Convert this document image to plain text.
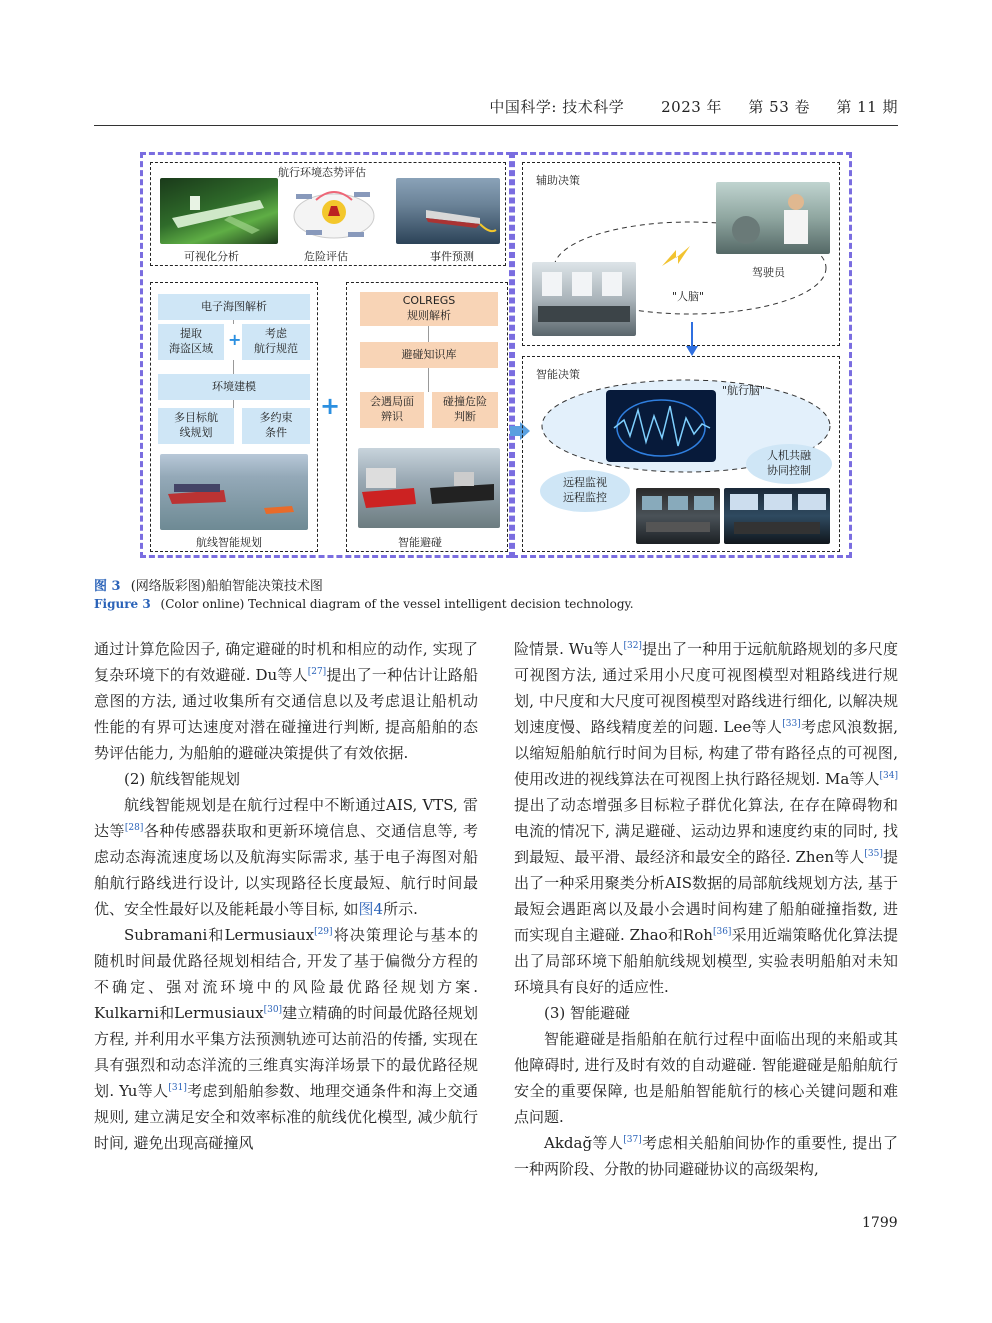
中国科学: 技术科学 2023 年 第 53 卷 第 11 期
航行环境态势评估
可视化分析	危险评估	事件预测
电子海图解析
提取
海盗区域 +	考虑
航行规范
环境建模
多目标航
线规划
多约束
条件
航线智能规划
+
COLREGS
规则解析
避碰知识库
会遇局面
辨识
碰撞危险
判断
智能避碰
辅助决策
驾驶员
"人脑"
智能决策
"航行脑"
人机共融
协同控制
远程监视
远程监控
图 3 (网络版彩图)船舶智能决策技术图
Figure 3 (Color online) Technical diagram of the vessel intelligent decision technology.

通过计算危险因子, 确定避碰的时机和相应的动作, 实现了复杂环境下的有效避碰. Du等人[27]提出了一种估计让路船意图的方法, 通过收集所有交通信息以及考虑退让船机动性能的有界可达速度对潜在碰撞进行判断, 提高船舶的态势评估能力, 为船舶的避碰决策提供了有效依据.

(2) 航线智能规划

航线智能规划是在航行过程中不断通过AIS, VTS, 雷达等[28]各种传感器获取和更新环境信息、交通信息等, 考虑动态海流速度场以及航海实际需求, 基于电子海图对船舶航行路线进行设计, 以实现路径长度最短、航行时间最优、安全性最好以及能耗最小等目标, 如图4所示.

Subramani和Lermusiaux[29]将决策理论与基本的随机时间最优路径规划相结合, 开发了基于偏微分方程的不确定、强对流环境中的风险最优路径规划方案. Kulkarni和Lermusiaux[30]建立精确的时间最优路径规划方程, 并利用水平集方法预测轨迹可达前沿的传播, 实现在具有强烈和动态洋流的三维真实海洋场景下的最优路径规划. Yu等人[31]考虑到船舶参数、地理交通条件和海上交通规则, 建立满足安全和效率标准的航线优化模型, 减少航行时间, 避免出现高碰撞风

险情景. Wu等人[32]提出了一种用于远航航路规划的多尺度可视图方法, 通过采用小尺度可视图模型对粗路线进行规划, 中尺度和大尺度可视图模型对路线进行细化, 以解决规划速度慢、路线精度差的问题. Lee等人[33]考虑风浪数据, 以缩短船舶航行时间为目标, 构建了带有路径点的可视图, 使用改进的视线算法在可视图上执行路径规划. Ma等人[34]提出了动态增强多目标粒子群优化算法, 在存在障碍物和电流的情况下, 满足避碰、运动边界和速度约束的同时, 找到最短、最平滑、最经济和最安全的路径. Zhen等人[35]提出了一种采用聚类分析AIS数据的局部航线规划方法, 基于最短会遇距离以及最小会遇时间构建了船舶碰撞指数, 进而实现自主避碰. Zhao和Roh[36]采用近端策略优化算法提出了局部环境下船舶航线规划模型, 实验表明船舶对未知环境具有良好的适应性.

(3) 智能避碰

智能避碰是指船舶在航行过程中面临出现的来船或其他障碍时, 进行及时有效的自动避碰. 智能避碰是船舶航行安全的重要保障, 也是船舶智能航行的核心关键问题和难点问题.

Akdağ等人[37]考虑相关船舶间协作的重要性, 提出了一种两阶段、分散的协同避碰协议的高级架构,

1799
